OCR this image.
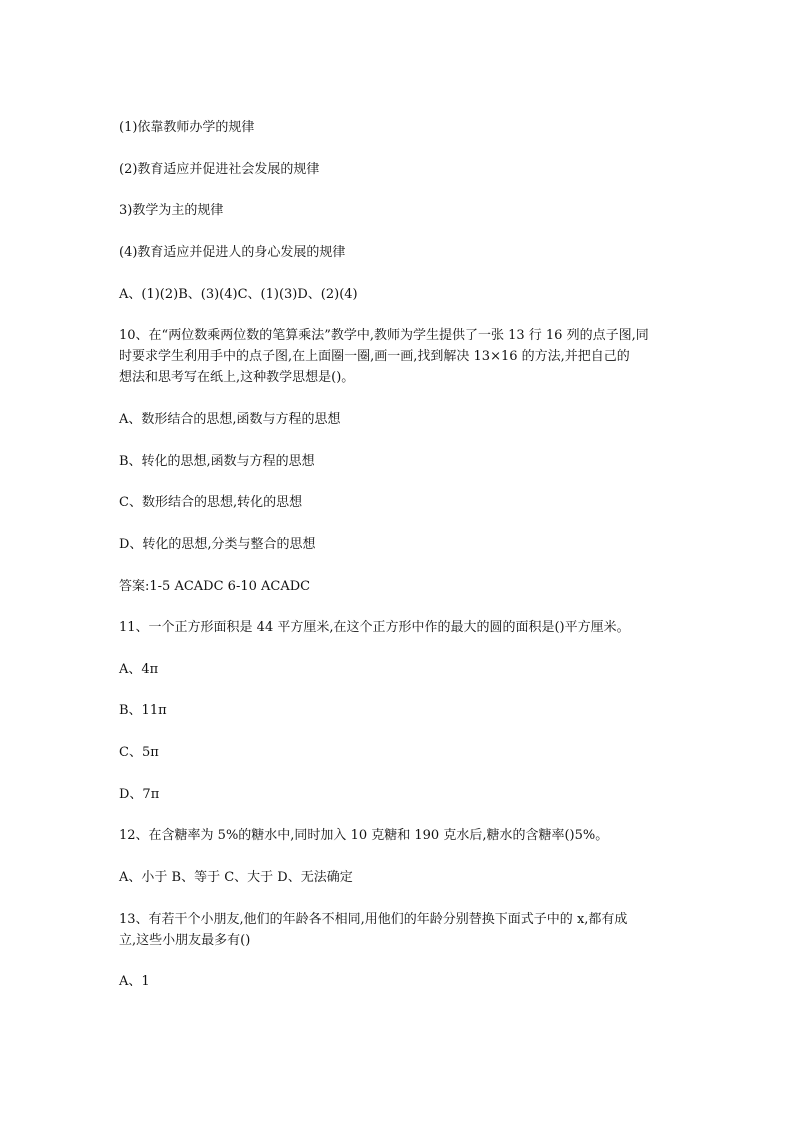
(1)依靠教师办学的规律
(2)教育适应并促进社会发展的规律
3)教学为主的规律
(4)教育适应并促进人的身心发展的规律
A、(1)(2)B、(3)(4)C、(1)(3)D、(2)(4)
10、在“两位数乘两位数的笔算乘法”教学中,教师为学生提供了一张 13 行 16 列的点子图,同
时要求学生利用手中的点子图,在上面圈一圈,画一画,找到解决 13×16 的方法,并把自己的
想法和思考写在纸上,这种教学思想是()。
A、数形结合的思想,函数与方程的思想
B、转化的思想,函数与方程的思想
C、数形结合的思想,转化的思想
D、转化的思想,分类与整合的思想
答案:1-5 ACADC 6-10 ACADC
11、一个正方形面积是 44 平方厘米,在这个正方形中作的最大的圆的面积是()平方厘米。
A、4π
B、11π
C、5π
D、7π
12、在含糖率为 5%的糖水中,同时加入 10 克糖和 190 克水后,糖水的含糖率()5%。
A、小于 B、等于 C、大于 D、无法确定
13、有若干个小朋友,他们的年龄各不相同,用他们的年龄分别替换下面式子中的 x,都有成
立,这些小朋友最多有()
A、1
